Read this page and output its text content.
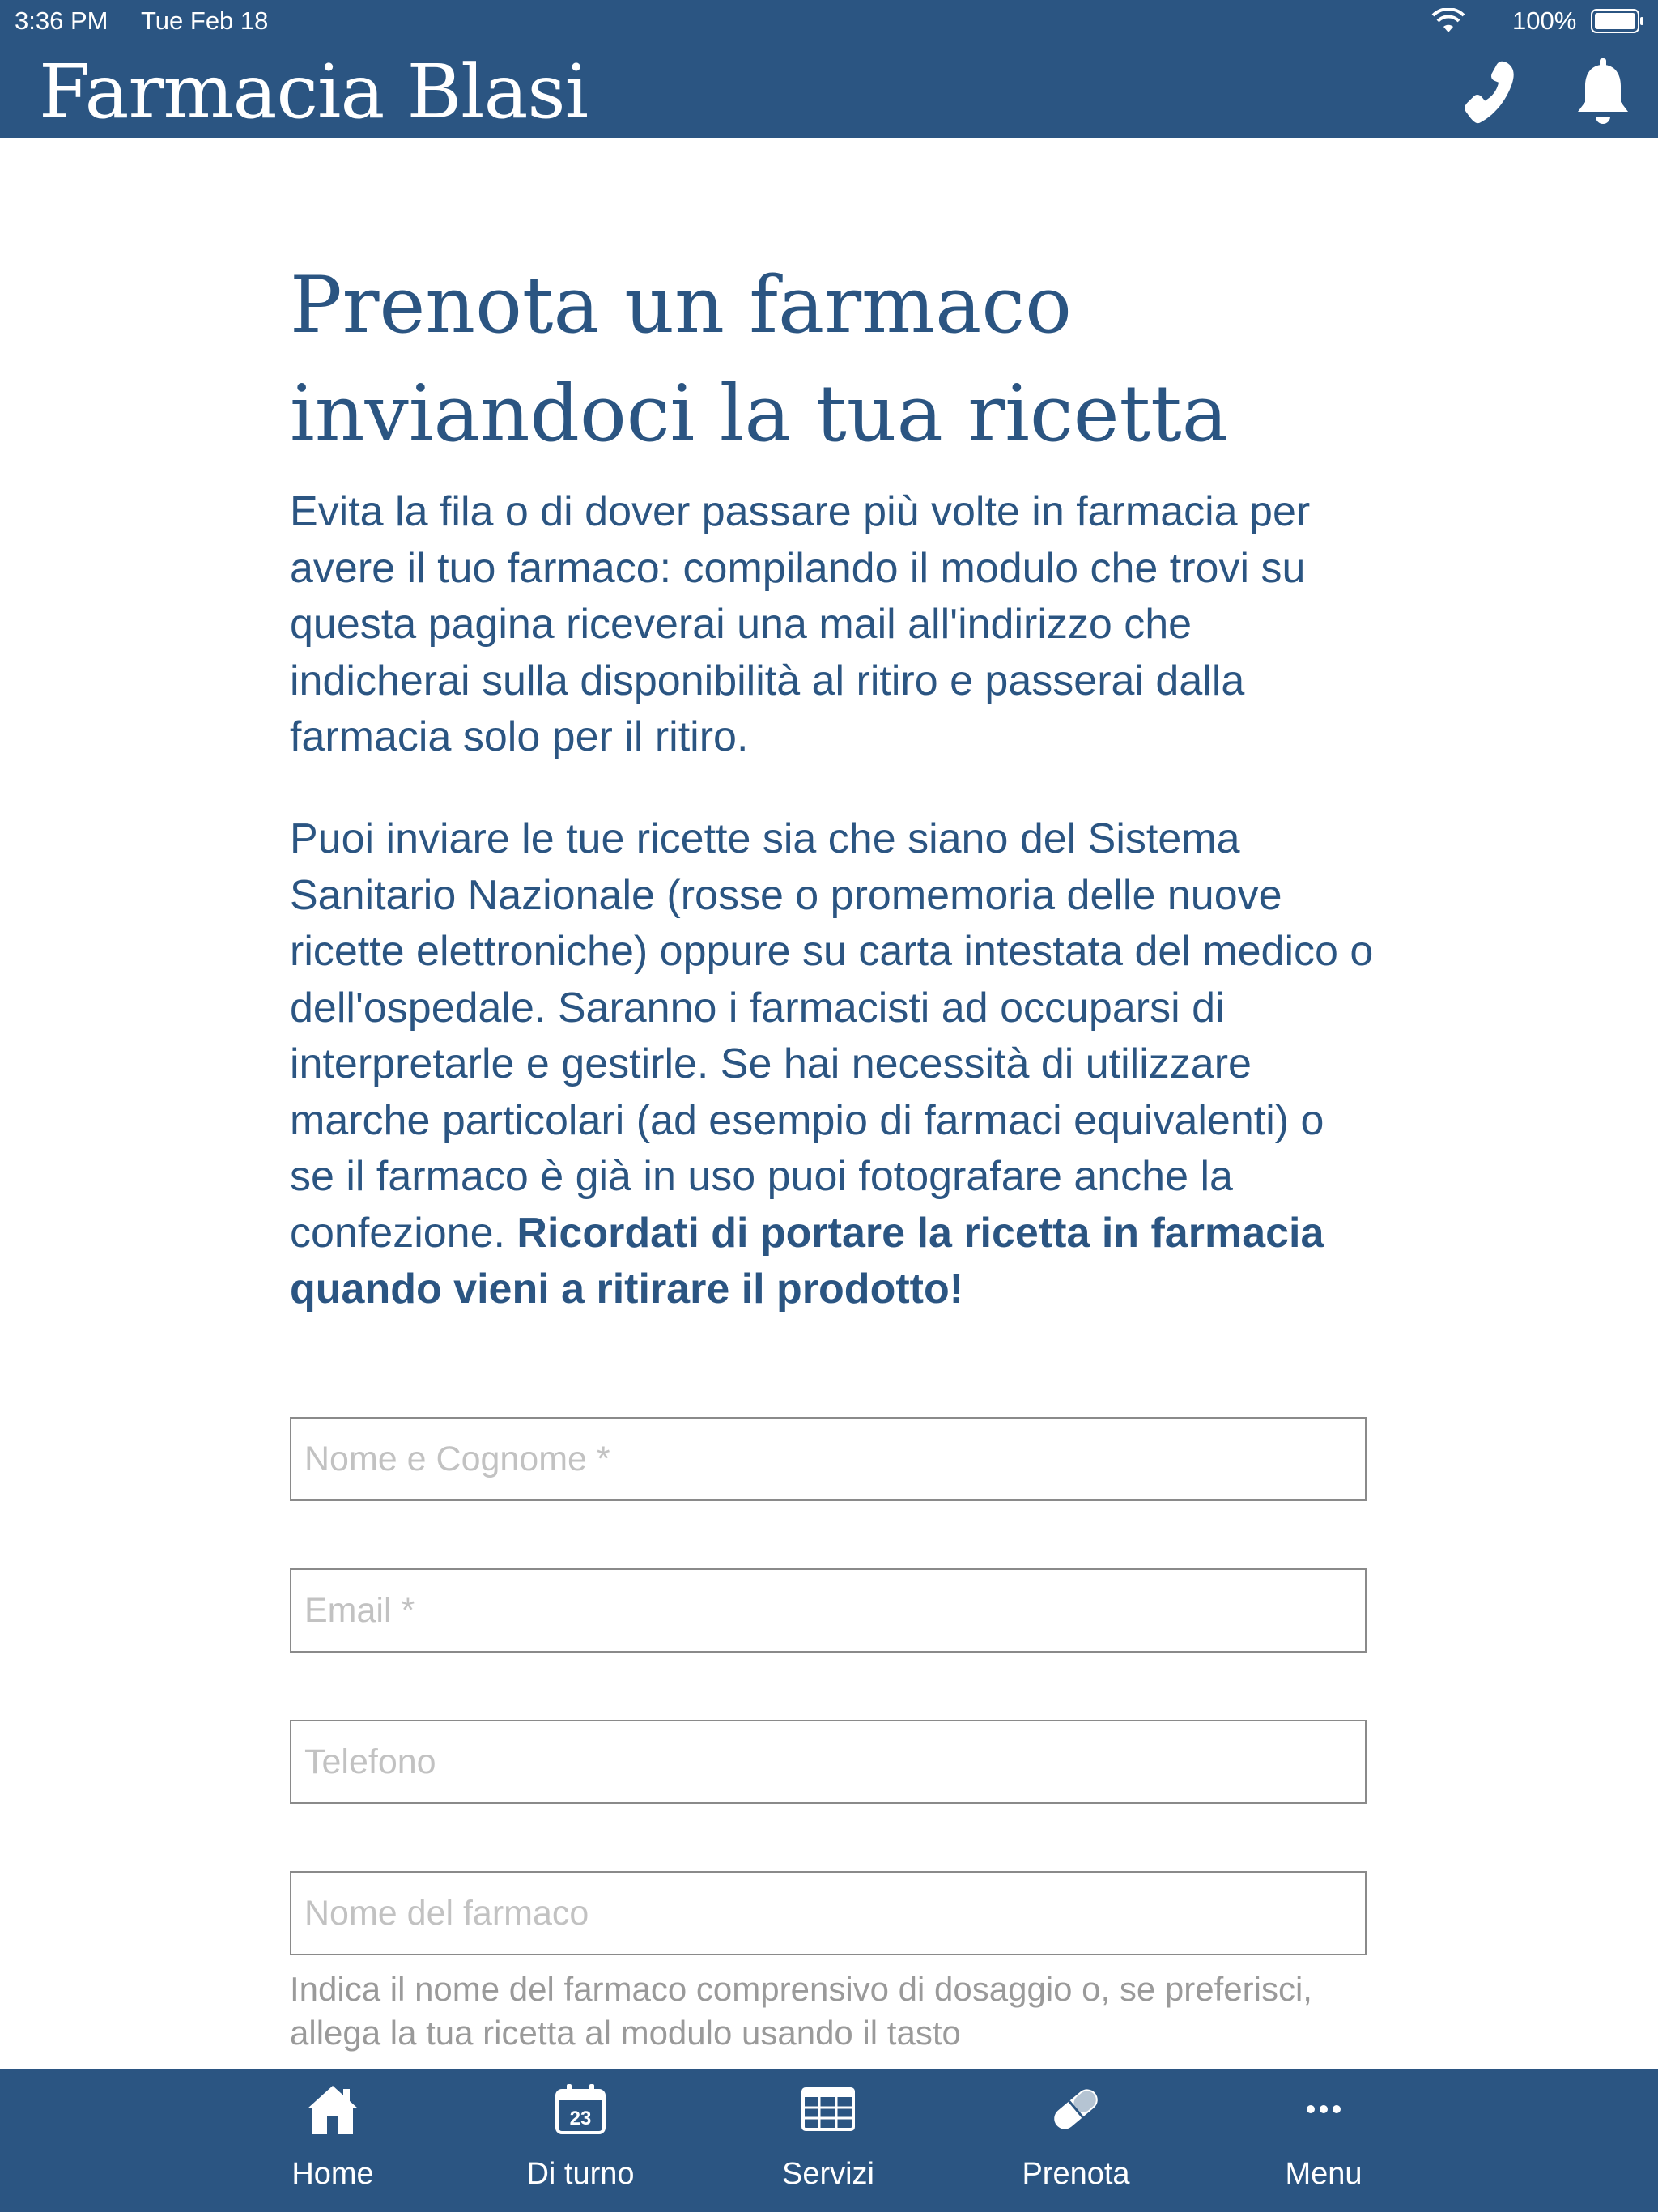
3:36 PM Tue Feb 18	100%
Farmacia Blasi
Prenota un farmaco
inviandoci la tua ricetta

Evita la fila o di dover passare più volte in farmacia per avere il tuo farmaco: compilando il modulo che trovi su questa pagina riceverai una mail all'indirizzo che indicherai sulla disponibilità al ritiro e passerai dalla farmacia solo per il ritiro.

Puoi inviare le tue ricette sia che siano del Sistema Sanitario Nazionale (rosse o promemoria delle nuove ricette elettroniche) oppure su carta intestata del medico o dell'ospedale. Saranno i farmacisti ad occuparsi di interpretarle e gestirle. Se hai necessità di utilizzare marche particolari (ad esempio di farmaci equivalenti) o se il farmaco è già in uso puoi fotografare anche la confezione. Ricordati di portare la ricetta in farmacia quando vieni a ritirare il prodotto!

Nome e Cognome *
Email *
Telefono
Nome del farmaco

Indica il nome del farmaco comprensivo di dosaggio o, se preferisci, allega la tua ricetta al modulo usando il tasto

Home
23
Di turno	Servizi	Prenota	Menu
